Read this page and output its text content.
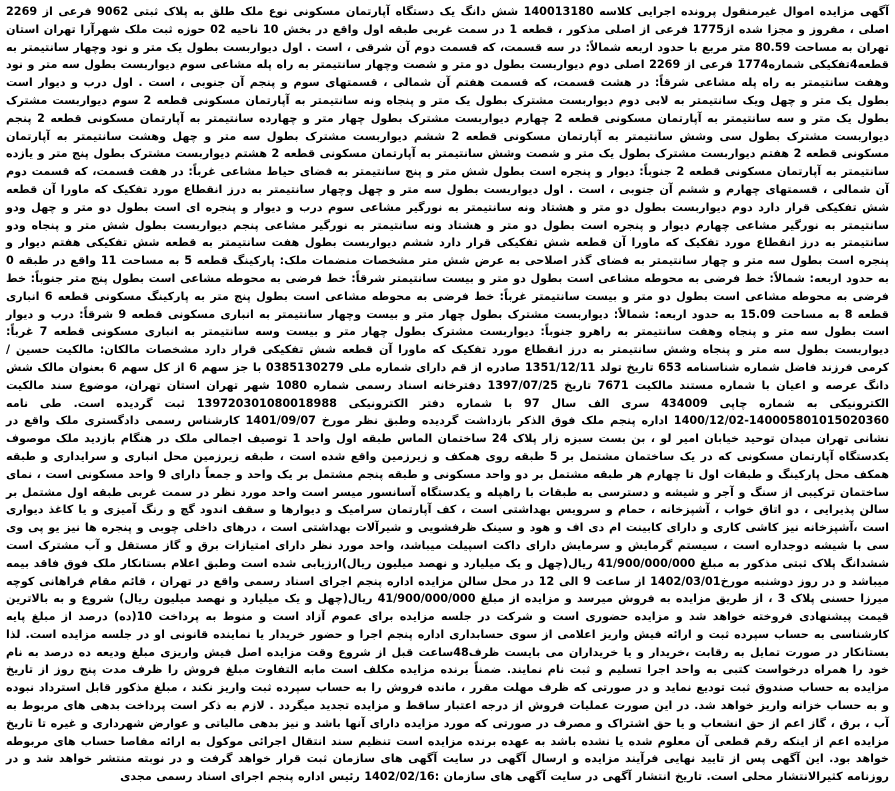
آگهی مزایده اموال غیرمنقول پرونده اجرایی کلاسه 140013180 شش دانگ یک دستگاه آپارتمان مسکونی نوع ملک طلق به پلاک ثبتی 9062 فرعی از 2269 اصلی ، مفروز و مجزا شده از1775 فرعی از اصلی مذکور ، قطعه 1 در سمت غربی طبقه اول واقع در بخش 10 ناحیه 02 حوزه ثبت ملک شهرآرا تهران استان تهران به مساحت 80.59 متر مربع با حدود اربعه شمالاً: در سه قسمت، که قسمت دوم آن شرقی ، است . اول دیواربست بطول یک متر و نود وچهار سانتیمتر به قطعه4تفکیکی شماره1774 فرعی از 2269 اصلی دوم دیواربست بطول دو متر و شصت وچهار سانتیمتر به راه پله مشاعی سوم دیواربست بطول سه متر و نود وهفت سانتیمتر به راه پله مشاعی شرقاً: در هشت قسمت، که قسمت هفتم آن شمالی ، قسمتهای سوم و پنجم آن جنوبی ، است . اول درب و دیوار است بطول یک متر و چهل ویک سانتیمتر به لابی دوم دیواربست مشترک بطول یک متر و پنجاه ونه سانتیمتر به آپارتمان مسکونی قطعه 2 سوم دیواربست مشترک بطول یک متر و سه سانتیمتر به آپارتمان مسکونی قطعه 2 چهارم دیواربست مشترک بطول چهار متر و چهارده سانتیمتر به آپارتمان مسکونی قطعه 2 پنجم دیواربست مشترک بطول سی وشش سانتیمتر به آپارتمان مسکونی قطعه 2 ششم دیواربست مشترک بطول سه متر و چهل وهشت سانتیمتر به آپارتمان مسکونی قطعه 2 هفتم دیواربست مشترک بطول یک متر و شصت وشش سانتیمتر به آپارتمان مسکونی قطعه 2 هشتم دیواربست مشترک بطول پنج متر و یازده سانتیمتر به آپارتمان مسکونی قطعه 2 جنوباً: دیوار و پنجره است بطول شش متر و پنج سانتیمتر به فضای حیاط مشاعی غرباً: در هفت قسمت، که قسمت دوم آن شمالی ، قسمتهای چهارم و ششم آن جنوبی ، است . اول دیواربست بطول سه متر و چهل وچهار سانتیمتر به درز انقطاع مورد تفکیک که ماورا آن قطعه شش تفکیکی قرار دارد دوم دیواربست بطول دو متر و هشتاد ونه سانتیمتر به نورگیر مشاعی سوم درب و دیوار و پنجره ای است بطول دو متر و چهل ودو سانتیمتر به نورگیر مشاعی چهارم دیوار و پنجره است بطول دو متر و هشتاد ونه سانتیمتر به نورگیر مشاعی پنجم دیواربست بطول شش متر و پنجاه ودو سانتیمتر به درز انقطاع مورد تفکیک که ماورا آن قطعه شش تفکیکی قرار دارد ششم دیواربست بطول هفت سانتیمتر به قطعه شش تفکیکی هفتم دیوار و پنجره است بطول سه متر و چهار سانتیمتر به فضای گذر اصلاحی به عرض شش متر مشخصات منضمات ملک: پارکینگ قطعه 5 به مساحت 11 واقع در طبقه 0 به حدود اربعه: شمالاً: خط فرضی به محوطه مشاعی است بطول دو متر و بیست سانتیمتر شرقاً: خط فرضی به محوطه مشاعی است بطول پنج متر جنوباً: خط فرضی به محوطه مشاعی است بطول دو متر و بیست سانتیمتر غرباً: خط فرضی به محوطه مشاعی است بطول پنج متر به پارکینگ مسکونی قطعه 6 انباری قطعه 8 به مساحت 15.09 به حدود اربعه: شمالاً: دیواربست مشترک بطول چهار متر و بیست وچهار سانتیمتر به انباری مسکونی قطعه 9 شرقاً: درب و دیوار است بطول سه متر و پنجاه وهفت سانتیمتر به راهرو جنوباً: دیواربست مشترک بطول چهار متر و بیست وسه سانتیمتر به انباری مسکونی قطعه 7 غرباً: دیواربست بطول سه متر و پنجاه وشش سانتیمتر به درز انقطاع مورد تفکیک که ماورا آن قطعه شش تفکیکی قرار دارد مشخصات مالکان: مالکیت حسین / کرمی فرزند فاضل شماره شناسنامه 653 تاریخ تولد 1351/12/11 صادره از قم دارای شماره ملی 0385130279 با جز سهم 6 از کل سهم 6 بعنوان مالک شش دانگ عرصه و اعیان با شماره مستند مالکیت 7671 تاریخ 1397/07/25 دفترخانه اسناد رسمی شماره 1080 شهر تهران استان تهران، موضوع سند مالکیت الکترونیکی به شماره چاپی 434009 سری الف سال 97 با شماره دفتر الکترونیکی 139720301080018988 ثبت گردیده است. طی نامه 140005801015020360-1400/12/02 اداره پنجم ملک فوق الذکر بازداشت گردیده وطبق نظر مورخ 1401/09/07 کارشناس رسمی دادگستری ملک واقع در نشانی تهران میدان توحید خیابان امیر لو ، بن بست سبزه زار پلاک 24 ساختمان الماس طبقه اول واحد 1 توصیف اجمالی ملک در هنگام بازدید ملک موصوف یکدستگاه آپارتمان مسکونی که در یک ساختمان مشتمل بر 5 طبقه روی همکف و زیرزمین واقع شده است ، طبقه زیرزمین محل انباری و سرایداری و طبقه همکف محل پارکینگ و طبقات اول تا چهارم هر طبقه مشتمل بر دو واحد مسکونی و طبقه پنجم مشتمل بر یک واحد و جمعاً دارای 9 واحد مسکونی است ، نمای ساختمان ترکیبی از سنگ و آجر و شیشه و دسترسی به طبقات با راهپله و یکدستگاه آسانسور میسر است واحد مورد نظر در سمت غربی طبقه اول مشتمل بر سالن پذیرایی ، دو اتاق خواب ، آشپزخانه ، حمام و سرویس بهداشتی است ، کف آپارتمان سرامیک و دیوارها و سقف اندود گچ و رنگ آمیزی و یا کاغذ دیواری است ،آشپزخانه نیز کاشی کاری و دارای کابینت ام دی اف و هود و سینک ظرفشویی و شیرآلات بهداشتی است ، درهای داخلی چوبی و پنجره ها نیز یو پی وی سی با شیشه دوجداره است ، سیستم گرمایش و سرمایش دارای داکت اسپیلت میباشد، واحد مورد نظر دارای امتیازات برق و گاز مستقل و آب مشترک است ششدانگ پلاک ثبتی مذکور به مبلغ 41/900/000/000 ریال(چهل و یک میلیارد و نهصد میلیون ریال)ارزیابی شده است وطبق اعلام بستانکار ملک فوق فاقد بیمه میباشد و در روز دوشنبه مورخ1402/03/01 از ساعت 9 الی 12 در محل سالن مزایده اداره پنجم اجرای اسناد رسمی واقع در تهران ، قائم مقام فراهانی کوچه میرزا حسنی پلاک 3 ، از طریق مزایده به فروش میرسد و مزایده از مبلغ 41/900/000/000 ریال(چهل و یک میلیارد و نهصد میلیون ریال) شروع و به بالاترین قیمت پیشنهادی فروخته خواهد شد و مزایده حضوری است و شرکت در جلسه مزایده برای عموم آزاد است و منوط به پرداخت 10(ده) درصد از مبلغ پایه کارشناسی به حساب سپرده ثبت و ارائه فیش واریز اعلامی از سوی حسابداری اداره پنجم اجرا و حضور خریدار یا نماینده قانونی او در جلسه مزایده است. لذا بستانکار در صورت تمایل به رقابت ،خریدار و یا خریداران می بایست ظرف48ساعت قبل از شروع وقت مزایده اصل فیش واریزی مبلغ ودیعه ده درصد به نام خود را همراه درخواست کتبی به واحد اجرا تسلیم و ثبت نام نمایند. ضمناً برنده مزایده مکلف است مابه التفاوت مبلغ فروش را ظرف مدت پنج روز از تاریخ مزایده به حساب صندوق ثبت تودیع نماید و در صورتی که ظرف مهلت مقرر ، مانده فروش را به حساب سپرده ثبت واریز نکند ، مبلغ مذکور قابل استرداد نبوده و به حساب خزانه واریز خواهد شد. در این صورت عملیات فروش از درجه اعتبار ساقط و مزایده تجدید میگردد . لازم به ذکر است پرداخت بدهی های مربوط به آب ، برق ، گاز اعم از حق انشعاب و یا حق اشتراک و مصرف در صورتی که مورد مزایده دارای آنها باشد و نیز بدهی مالیاتی و عوارض شهرداری و غیره تا تاریخ مزایده اعم از اینکه رقم قطعی آن معلوم شده یا نشده باشد به عهده برنده مزایده است تنظیم سند انتقال اجرائی موکول به ارائه مفاصا حساب های مربوطه خواهد بود. این آگهی پس از تایید نهایی فرآیند مزایده و ارسال آگهی در سایت آگهی های سازمان ثبت قرار خواهد گرفت و در نوبته منتشر خواهد شد و در روزنامه کثیرالانتشار محلی است. تاریخ انتشار آگهی در سایت آگهی های سازمان :1402/02/16 رئیس اداره پنجم اجرای اسناد رسمی مجدی
